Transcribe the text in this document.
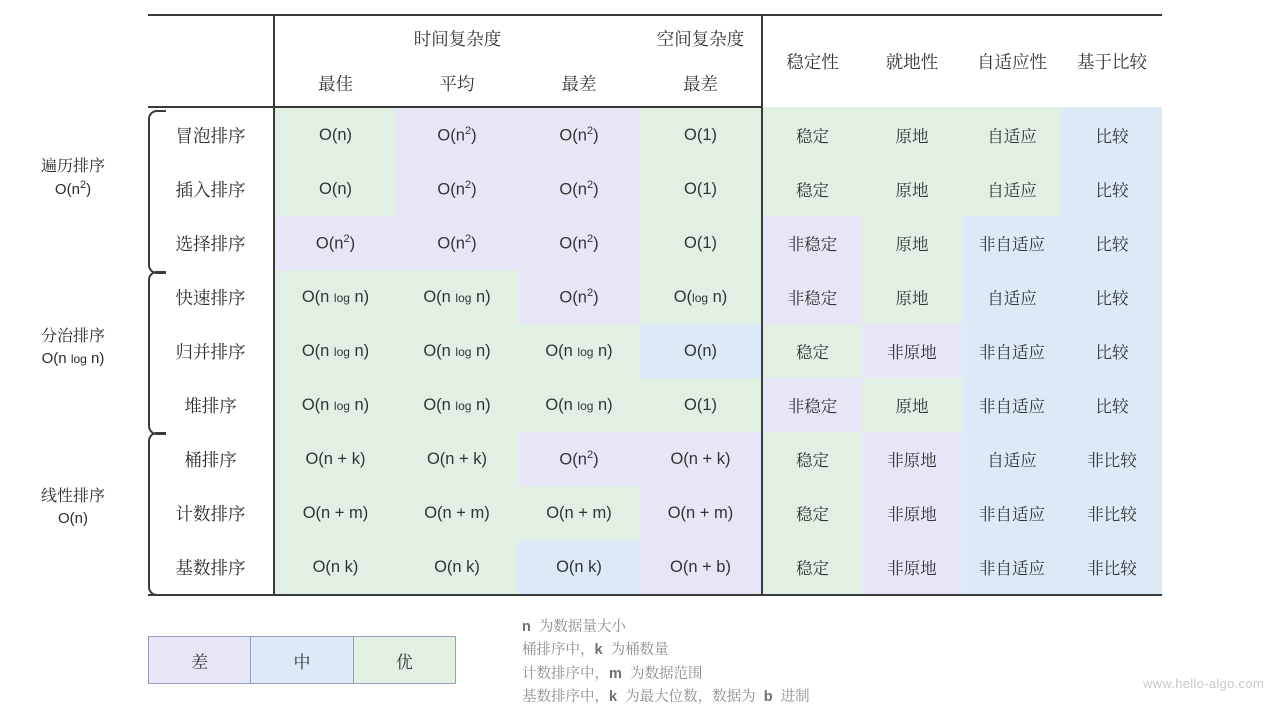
遍历排序
$O(n^2)$
分治排序
O(n log n)
线性排序
O(n)
	时间复杂度			空间复杂度	稳定性	就地性	自适应性	基于比较
	最佳	平均	最差	最差				
冒泡排序	O(n)	$O(n^2)$	$O(n^2)$	O(1)	稳定	原地	自适应	比较
插入排序	O(n)	$O(n^2)$	$O(n^2)$	O(1)	稳定	原地	自适应	比较
选择排序	$O(n^2)$	$O(n^2)$	$O(n^2)$	O(1)	非稳定	原地	非自适应	比较
快速排序	O(n log n)	O(n log n)	$O(n^2)$	O(log n)	非稳定	原地	自适应	比较
归并排序	O(n log n)	O(n log n)	O(n log n)	O(n)	稳定	非原地	非自适应	比较
堆排序	O(n log n)	O(n log n)	O(n log n)	O(1)	非稳定	原地	非自适应	比较
桶排序	O(n + k)	O(n + k)	$O(n^2)$	O(n + k)	稳定	非原地	自适应	非比较
计数排序	O(n + m)	O(n + m)	O(n + m)	O(n + m)	稳定	非原地	非自适应	非比较
基数排序	O(n k)	O(n k)	O(n k)	O(n + b)	稳定	非原地	非自适应	非比较
差	中	优
n  为数据量大小
桶排序中，k  为桶数量
计数排序中，m  为数据范围
基数排序中，k  为最大位数，数据为  b  进制
www.hello-algo.com
